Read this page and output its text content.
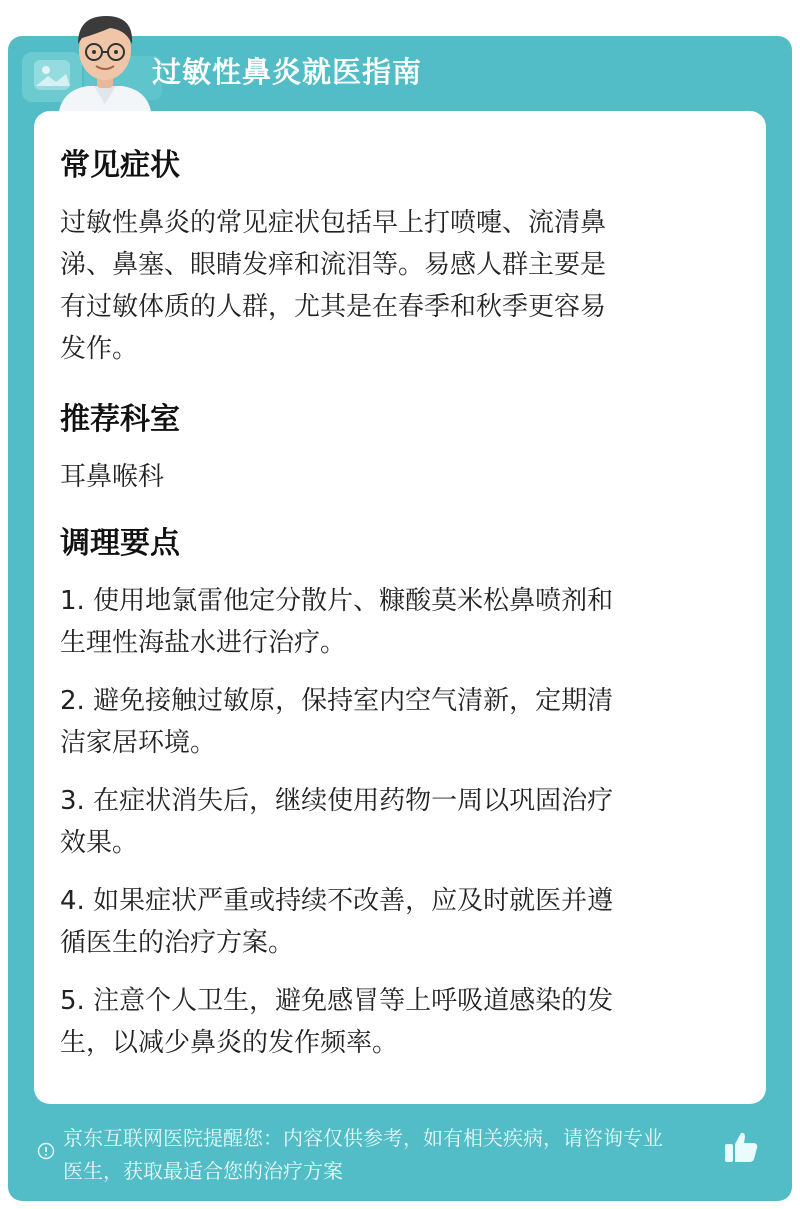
过敏性鼻炎就医指南
常见症状
过敏性鼻炎的常见症状包括早上打喷嚏、流清鼻
涕、鼻塞、眼睛发痒和流泪等。易感人群主要是
有过敏体质的人群，尤其是在春季和秋季更容易
发作。
推荐科室
耳鼻喉科
调理要点
1. 使用地氯雷他定分散片、糠酸莫米松鼻喷剂和
生理性海盐水进行治疗。
2. 避免接触过敏原，保持室内空气清新，定期清
洁家居环境。
3. 在症状消失后，继续使用药物一周以巩固治疗
效果。
4. 如果症状严重或持续不改善，应及时就医并遵
循医生的治疗方案。
5. 注意个人卫生，避免感冒等上呼吸道感染的发
生，以减少鼻炎的发作频率。
京东互联网医院提醒您：内容仅供参考，如有相关疾病，请咨询专业
医生，获取最适合您的治疗方案
